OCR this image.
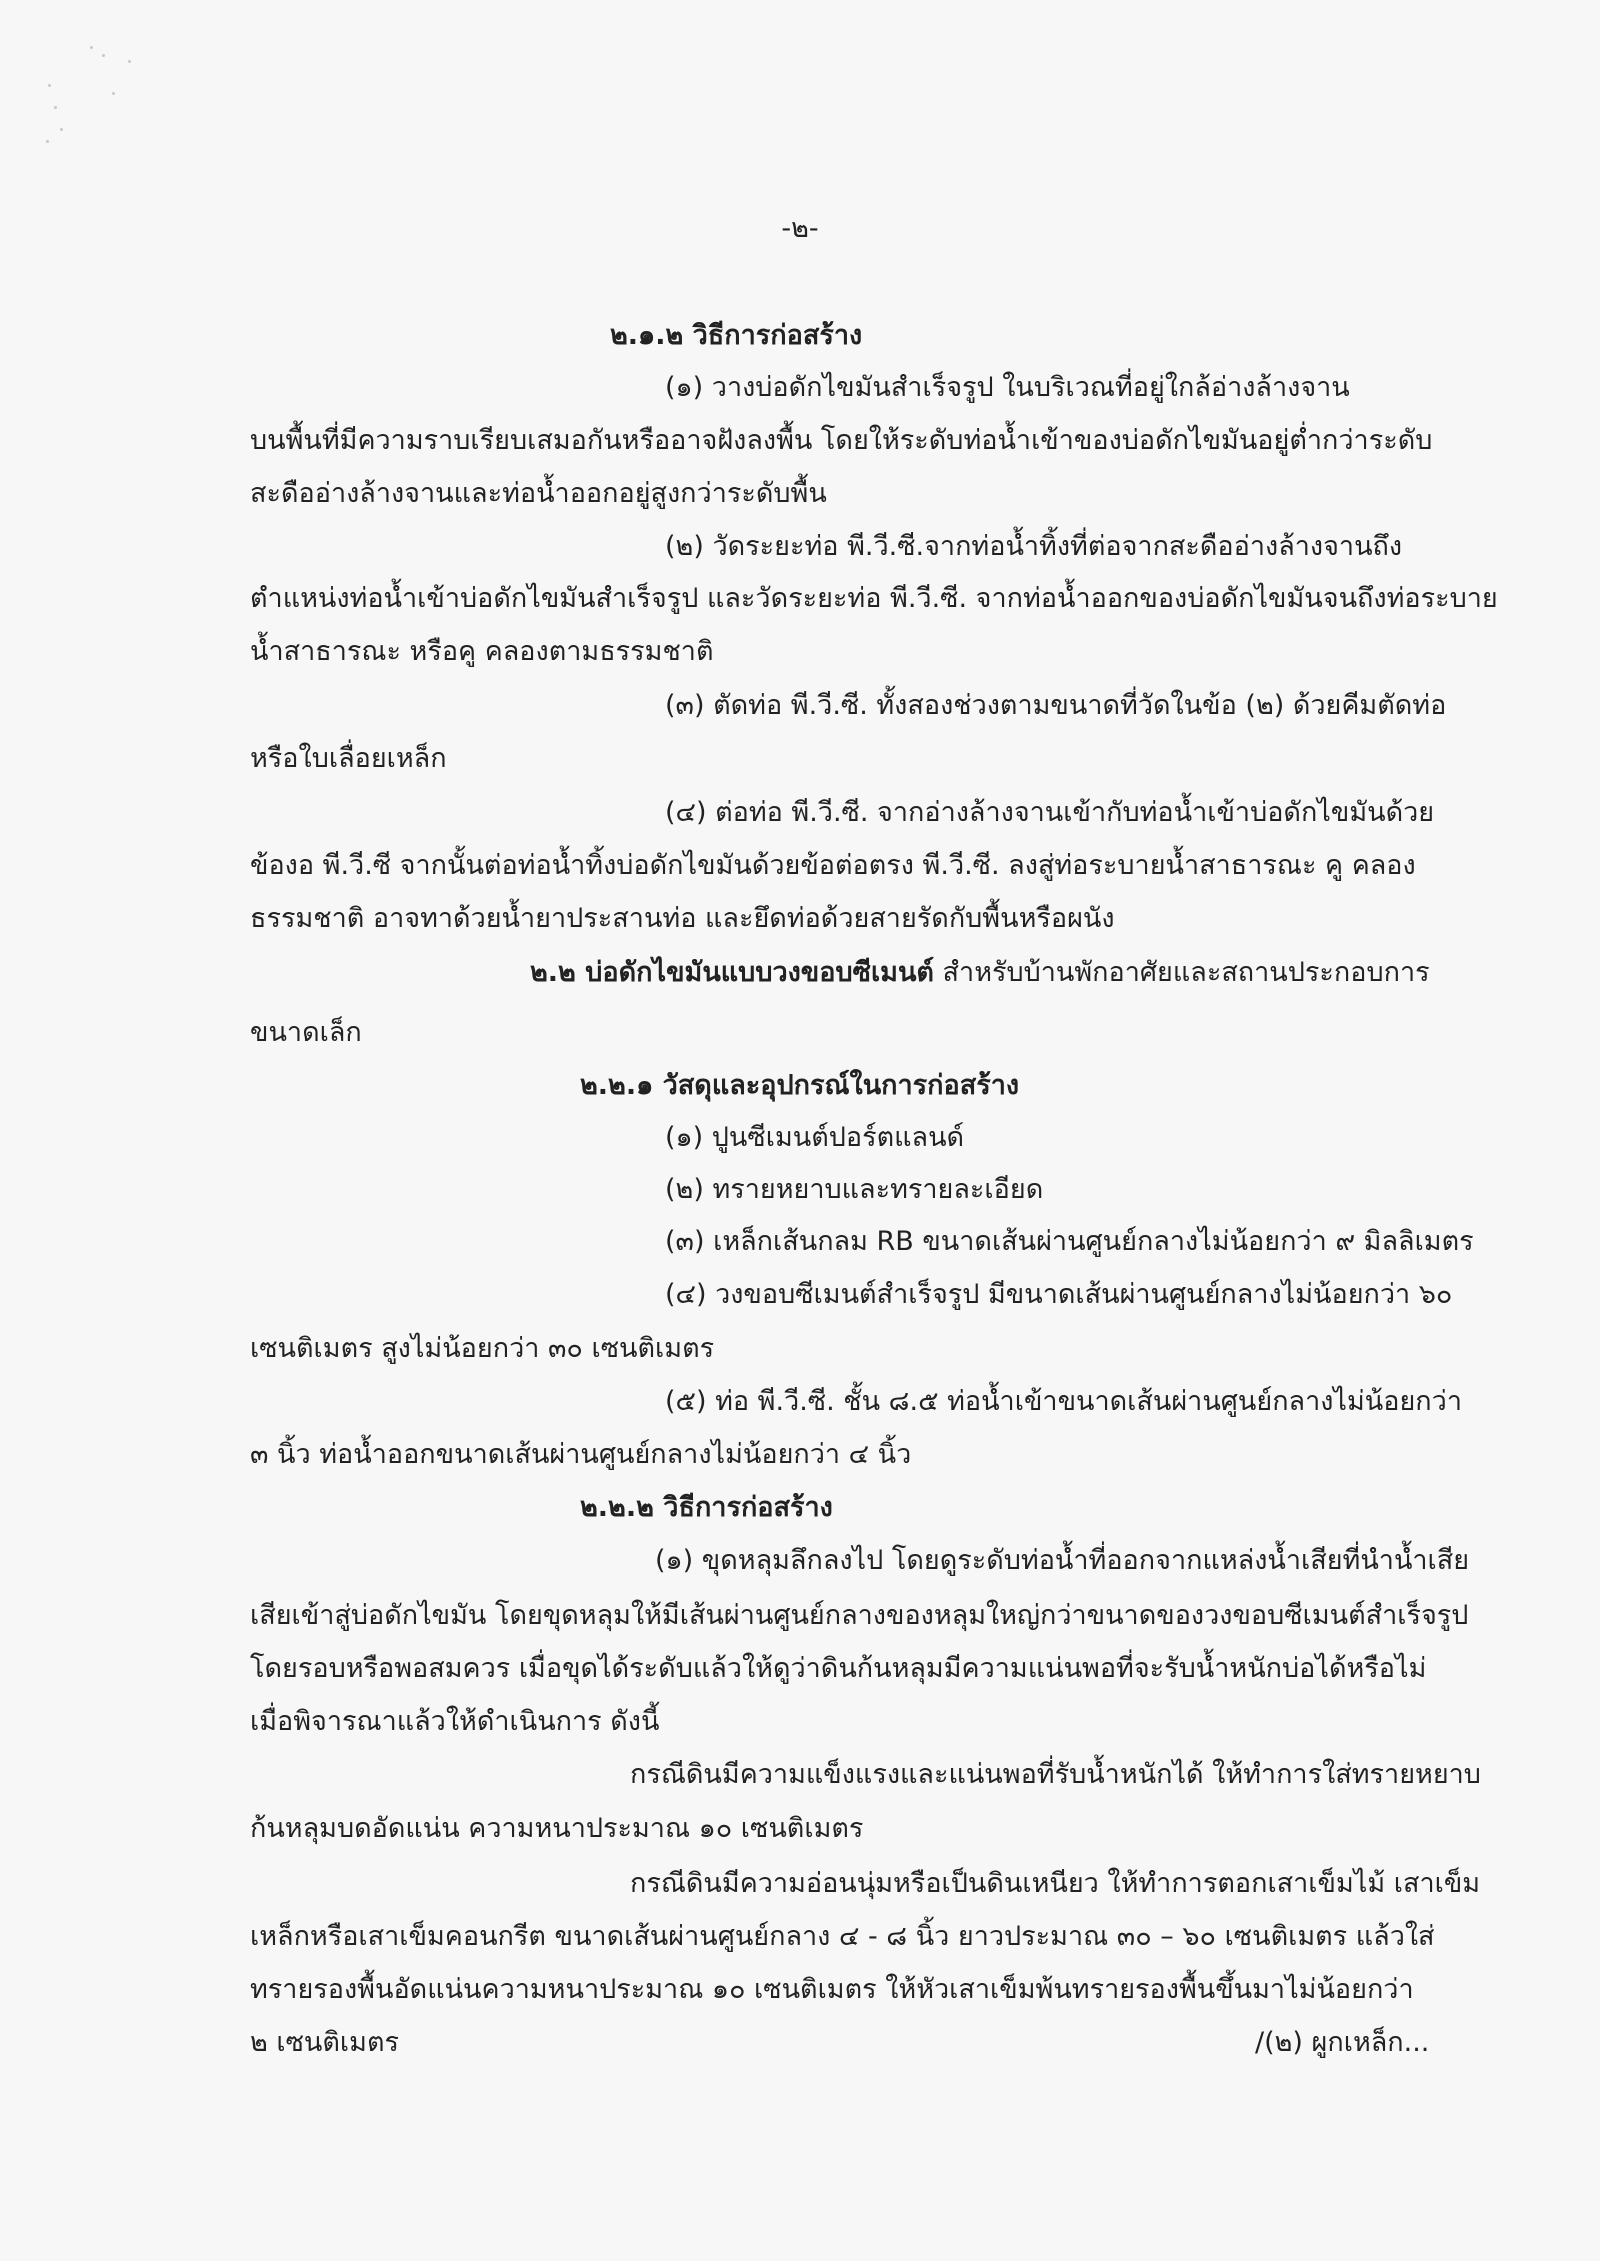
-๒-
๒.๑.๒ วิธีการก่อสร้าง
(๑) วางบ่อดักไขมันสำเร็จรูป ในบริเวณที่อยู่ใกล้อ่างล้างจาน
บนพื้นที่มีความราบเรียบเสมอกันหรืออาจฝังลงพื้น โดยให้ระดับท่อน้ำเข้าของบ่อดักไขมันอยู่ต่ำกว่าระดับ
สะดืออ่างล้างจานและท่อน้ำออกอยู่สูงกว่าระดับพื้น
(๒) วัดระยะท่อ พี.วี.ซี.จากท่อน้ำทิ้งที่ต่อจากสะดืออ่างล้างจานถึง
ตำแหน่งท่อน้ำเข้าบ่อดักไขมันสำเร็จรูป และวัดระยะท่อ พี.วี.ซี. จากท่อน้ำออกของบ่อดักไขมันจนถึงท่อระบาย
น้ำสาธารณะ หรือคู คลองตามธรรมชาติ
(๓) ตัดท่อ พี.วี.ซี. ทั้งสองช่วงตามขนาดที่วัดในข้อ (๒) ด้วยคีมตัดท่อ
หรือใบเลื่อยเหล็ก
(๔) ต่อท่อ พี.วี.ซี. จากอ่างล้างจานเข้ากับท่อน้ำเข้าบ่อดักไขมันด้วย
ข้องอ พี.วี.ซี จากนั้นต่อท่อน้ำทิ้งบ่อดักไขมันด้วยข้อต่อตรง พี.วี.ซี. ลงสู่ท่อระบายน้ำสาธารณะ คู คลอง
ธรรมชาติ อาจทาด้วยน้ำยาประสานท่อ และยึดท่อด้วยสายรัดกับพื้นหรือผนัง
๒.๒ บ่อดักไขมันแบบวงขอบซีเมนต์ สำหรับบ้านพักอาศัยและสถานประกอบการ
ขนาดเล็ก
๒.๒.๑ วัสดุและอุปกรณ์ในการก่อสร้าง
(๑) ปูนซีเมนต์ปอร์ตแลนด์
(๒) ทรายหยาบและทรายละเอียด
(๓) เหล็กเส้นกลม RB ขนาดเส้นผ่านศูนย์กลางไม่น้อยกว่า ๙ มิลลิเมตร
(๔) วงขอบซีเมนต์สำเร็จรูป มีขนาดเส้นผ่านศูนย์กลางไม่น้อยกว่า ๖๐
เซนติเมตร สูงไม่น้อยกว่า ๓๐ เซนติเมตร
(๕) ท่อ พี.วี.ซี. ชั้น ๘.๕ ท่อน้ำเข้าขนาดเส้นผ่านศูนย์กลางไม่น้อยกว่า
๓ นิ้ว ท่อน้ำออกขนาดเส้นผ่านศูนย์กลางไม่น้อยกว่า ๔ นิ้ว
๒.๒.๒ วิธีการก่อสร้าง
(๑) ขุดหลุมลึกลงไป โดยดูระดับท่อน้ำที่ออกจากแหล่งน้ำเสียที่นำน้ำเสีย
เสียเข้าสู่บ่อดักไขมัน โดยขุดหลุมให้มีเส้นผ่านศูนย์กลางของหลุมใหญ่กว่าขนาดของวงขอบซีเมนต์สำเร็จรูป
โดยรอบหรือพอสมควร เมื่อขุดได้ระดับแล้วให้ดูว่าดินก้นหลุมมีความแน่นพอที่จะรับน้ำหนักบ่อได้หรือไม่
เมื่อพิจารณาแล้วให้ดำเนินการ ดังนี้
กรณีดินมีความแข็งแรงและแน่นพอที่รับน้ำหนักได้ ให้ทำการใส่ทรายหยาบ
ก้นหลุมบดอัดแน่น ความหนาประมาณ ๑๐ เซนติเมตร
กรณีดินมีความอ่อนนุ่มหรือเป็นดินเหนียว ให้ทำการตอกเสาเข็มไม้ เสาเข็ม
เหล็กหรือเสาเข็มคอนกรีต ขนาดเส้นผ่านศูนย์กลาง ๔ - ๘ นิ้ว ยาวประมาณ ๓๐ – ๖๐ เซนติเมตร แล้วใส่
ทรายรองพื้นอัดแน่นความหนาประมาณ ๑๐ เซนติเมตร ให้หัวเสาเข็มพ้นทรายรองพื้นขึ้นมาไม่น้อยกว่า
๒ เซนติเมตร	/(๒) ผูกเหล็ก...
